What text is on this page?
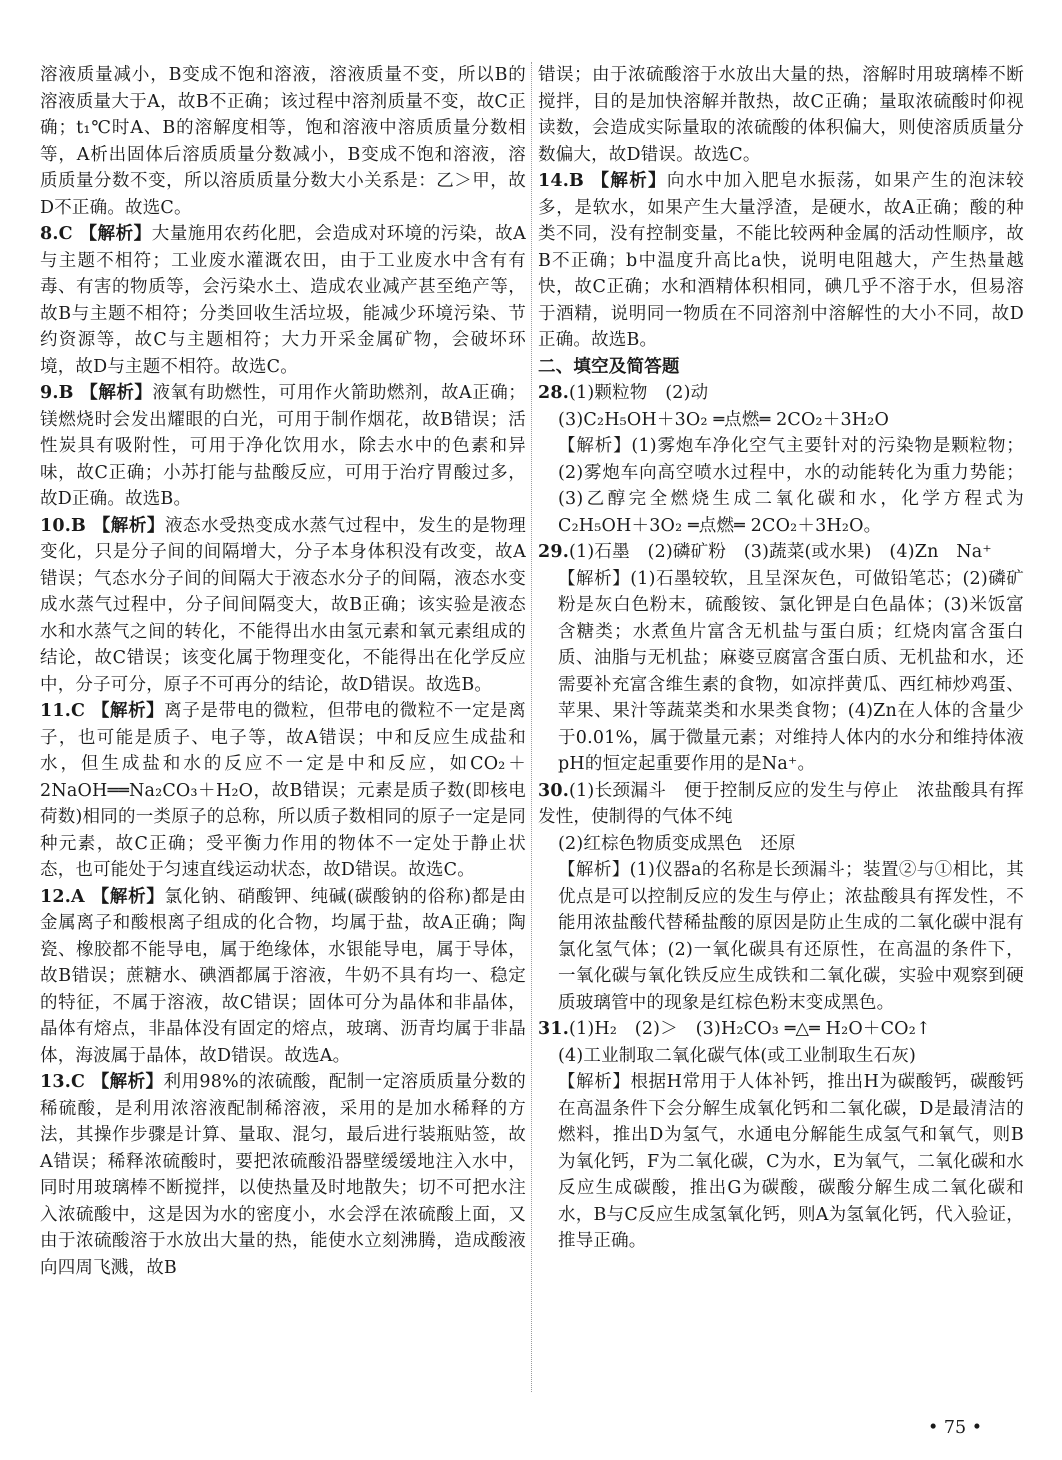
溶液质量减小，B变成不饱和溶液，溶液质量不变，所以B的溶液质量大于A，故B不正确；该过程中溶剂质量不变，故C正确；t₁℃时A、B的溶解度相等，饱和溶液中溶质质量分数相等，A析出固体后溶质质量分数减小，B变成不饱和溶液，溶质质量分数不变，所以溶质质量分数大小关系是：乙＞甲，故D不正确。故选C。

8.C 【解析】大量施用农药化肥，会造成对环境的污染，故A与主题不相符；工业废水灌溉农田，由于工业废水中含有有毒、有害的物质等，会污染水土、造成农业减产甚至绝产等，故B与主题不相符；分类回收生活垃圾，能减少环境污染、节约资源等，故C与主题相符；大力开采金属矿物，会破坏环境，故D与主题不相符。故选C。

9.B 【解析】液氧有助燃性，可用作火箭助燃剂，故A正确；镁燃烧时会发出耀眼的白光，可用于制作烟花，故B错误；活性炭具有吸附性，可用于净化饮用水，除去水中的色素和异味，故C正确；小苏打能与盐酸反应，可用于治疗胃酸过多，故D正确。故选B。

10.B 【解析】液态水受热变成水蒸气过程中，发生的是物理变化，只是分子间的间隔增大，分子本身体积没有改变，故A错误；气态水分子间的间隔大于液态水分子的间隔，液态水变成水蒸气过程中，分子间间隔变大，故B正确；该实验是液态水和水蒸气之间的转化，不能得出水由氢元素和氧元素组成的结论，故C错误；该变化属于物理变化，不能得出在化学反应中，分子可分，原子不可再分的结论，故D错误。故选B。

11.C 【解析】离子是带电的微粒，但带电的微粒不一定是离子，也可能是质子、电子等，故A错误；中和反应生成盐和水，但生成盐和水的反应不一定是中和反应，如CO₂＋2NaOH══Na₂CO₃＋H₂O，故B错误；元素是质子数(即核电荷数)相同的一类原子的总称，所以质子数相同的原子一定是同种元素，故C正确；受平衡力作用的物体不一定处于静止状态，也可能处于匀速直线运动状态，故D错误。故选C。

12.A 【解析】氯化钠、硝酸钾、纯碱(碳酸钠的俗称)都是由金属离子和酸根离子组成的化合物，均属于盐，故A正确；陶瓷、橡胶都不能导电，属于绝缘体，水银能导电，属于导体，故B错误；蔗糖水、碘酒都属于溶液，牛奶不具有均一、稳定的特征，不属于溶液，故C错误；固体可分为晶体和非晶体，晶体有熔点，非晶体没有固定的熔点，玻璃、沥青均属于非晶体，海波属于晶体，故D错误。故选A。

13.C 【解析】利用98%的浓硫酸，配制一定溶质质量分数的稀硫酸，是利用浓溶液配制稀溶液，采用的是加水稀释的方法，其操作步骤是计算、量取、混匀，最后进行装瓶贴签，故A错误；稀释浓硫酸时，要把浓硫酸沿器壁缓缓地注入水中，同时用玻璃棒不断搅拌，以使热量及时地散失；切不可把水注入浓硫酸中，这是因为水的密度小，水会浮在浓硫酸上面，又由于浓硫酸溶于水放出大量的热，能使水立刻沸腾，造成酸液向四周飞溅，故B

错误；由于浓硫酸溶于水放出大量的热，溶解时用玻璃棒不断搅拌，目的是加快溶解并散热，故C正确；量取浓硫酸时仰视读数，会造成实际量取的浓硫酸的体积偏大，则使溶质质量分数偏大，故D错误。故选C。

14.B 【解析】向水中加入肥皂水振荡，如果产生的泡沫较多，是软水，如果产生大量浮渣，是硬水，故A正确；酸的种类不同，没有控制变量，不能比较两种金属的活动性顺序，故B不正确；b中温度升高比a快，说明电阻越大，产生热量越快，故C正确；水和酒精体积相同，碘几乎不溶于水，但易溶于酒精，说明同一物质在不同溶剂中溶解性的大小不同，故D正确。故选B。

二、填空及简答题

28.(1)颗粒物　(2)动

(3)C₂H₅OH＋3O₂ ═点燃═ 2CO₂＋3H₂O

【解析】(1)雾炮车净化空气主要针对的污染物是颗粒物；(2)雾炮车向高空喷水过程中，水的动能转化为重力势能；(3)乙醇完全燃烧生成二氧化碳和水，化学方程式为C₂H₅OH＋3O₂ ═点燃═ 2CO₂＋3H₂O。

29.(1)石墨　(2)磷矿粉　(3)蔬菜(或水果)　(4)Zn　Na⁺

【解析】(1)石墨较软，且呈深灰色，可做铅笔芯；(2)磷矿粉是灰白色粉末，硫酸铵、氯化钾是白色晶体；(3)米饭富含糖类；水煮鱼片富含无机盐与蛋白质；红烧肉富含蛋白质、油脂与无机盐；麻婆豆腐富含蛋白质、无机盐和水，还需要补充富含维生素的食物，如凉拌黄瓜、西红柿炒鸡蛋、苹果、果汁等蔬菜类和水果类食物；(4)Zn在人体的含量少于0.01%，属于微量元素；对维持人体内的水分和维持体液pH的恒定起重要作用的是Na⁺。

30.(1)长颈漏斗　便于控制反应的发生与停止　浓盐酸具有挥发性，使制得的气体不纯

(2)红棕色物质变成黑色　还原

【解析】(1)仪器a的名称是长颈漏斗；装置②与①相比，其优点是可以控制反应的发生与停止；浓盐酸具有挥发性，不能用浓盐酸代替稀盐酸的原因是防止生成的二氧化碳中混有氯化氢气体；(2)一氧化碳具有还原性，在高温的条件下，一氧化碳与氧化铁反应生成铁和二氧化碳，实验中观察到硬质玻璃管中的现象是红棕色粉末变成黑色。

31.(1)H₂　(2)＞　(3)H₂CO₃ ═△═ H₂O＋CO₂↑

(4)工业制取二氧化碳气体(或工业制取生石灰)

【解析】根据H常用于人体补钙，推出H为碳酸钙，碳酸钙在高温条件下会分解生成氧化钙和二氧化碳，D是最清洁的燃料，推出D为氢气，水通电分解能生成氢气和氧气，则B为氧化钙，F为二氧化碳，C为水，E为氧气，二氧化碳和水反应生成碳酸，推出G为碳酸，碳酸分解生成二氧化碳和水，B与C反应生成氢氧化钙，则A为氢氧化钙，代入验证，推导正确。

• 75 •
